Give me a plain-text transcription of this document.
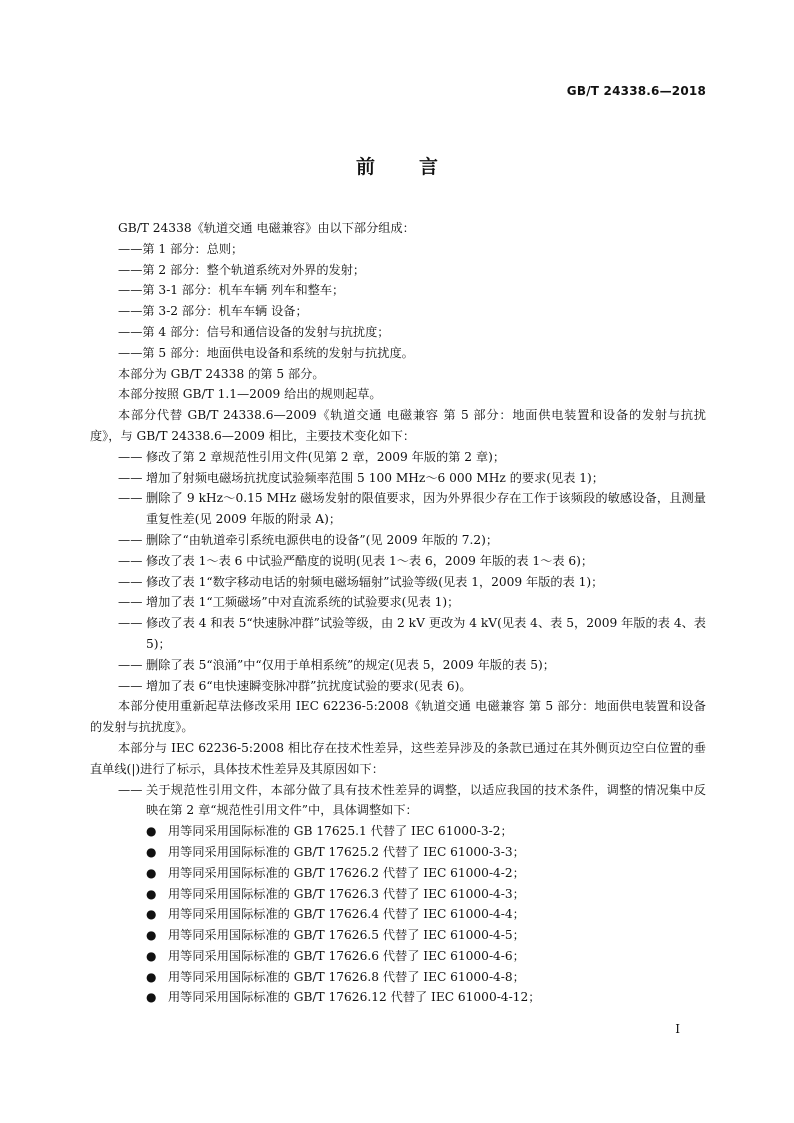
GB/T 24338.6—2018
前言
GB/T 24338《轨道交通 电磁兼容》由以下部分组成：
——第 1 部分：总则；
——第 2 部分：整个轨道系统对外界的发射；
——第 3-1 部分：机车车辆 列车和整车；
——第 3-2 部分：机车车辆 设备；
——第 4 部分：信号和通信设备的发射与抗扰度；
——第 5 部分：地面供电设备和系统的发射与抗扰度。
本部分为 GB/T 24338 的第 5 部分。
本部分按照 GB/T 1.1—2009 给出的规则起草。
本部分代替 GB/T 24338.6—2009《轨道交通 电磁兼容 第 5 部分：地面供电装置和设备的发射与抗扰度》，与 GB/T 24338.6—2009 相比，主要技术变化如下：
—— 修改了第 2 章规范性引用文件(见第 2 章，2009 年版的第 2 章)；
—— 增加了射频电磁场抗扰度试验频率范围 5 100 MHz～6 000 MHz 的要求(见表 1)；
—— 删除了 9 kHz～0.15 MHz 磁场发射的限值要求，因为外界很少存在工作于该频段的敏感设备，且测量重复性差(见 2009 年版的附录 A)；
—— 删除了“由轨道牵引系统电源供电的设备”(见 2009 年版的 7.2)；
—— 修改了表 1～表 6 中试验严酷度的说明(见表 1～表 6，2009 年版的表 1～表 6)；
—— 修改了表 1“数字移动电话的射频电磁场辐射”试验等级(见表 1，2009 年版的表 1)；
—— 增加了表 1“工频磁场”中对直流系统的试验要求(见表 1)；
—— 修改了表 4 和表 5“快速脉冲群”试验等级，由 2 kV 更改为 4 kV(见表 4、表 5，2009 年版的表 4、表 5)；
—— 删除了表 5“浪涌”中“仅用于单相系统”的规定(见表 5，2009 年版的表 5)；
—— 增加了表 6“电快速瞬变脉冲群”抗扰度试验的要求(见表 6)。
本部分使用重新起草法修改采用 IEC 62236-5:2008《轨道交通 电磁兼容 第 5 部分：地面供电装置和设备的发射与抗扰度》。
本部分与 IEC 62236-5:2008 相比存在技术性差异，这些差异涉及的条款已通过在其外侧页边空白位置的垂直单线(|)进行了标示，具体技术性差异及其原因如下：
—— 关于规范性引用文件，本部分做了具有技术性差异的调整，以适应我国的技术条件，调整的情况集中反映在第 2 章“规范性引用文件”中，具体调整如下：
● 用等同采用国际标准的 GB 17625.1 代替了 IEC 61000-3-2；
● 用等同采用国际标准的 GB/T 17625.2 代替了 IEC 61000-3-3；
● 用等同采用国际标准的 GB/T 17626.2 代替了 IEC 61000-4-2；
● 用等同采用国际标准的 GB/T 17626.3 代替了 IEC 61000-4-3；
● 用等同采用国际标准的 GB/T 17626.4 代替了 IEC 61000-4-4；
● 用等同采用国际标准的 GB/T 17626.5 代替了 IEC 61000-4-5；
● 用等同采用国际标准的 GB/T 17626.6 代替了 IEC 61000-4-6；
● 用等同采用国际标准的 GB/T 17626.8 代替了 IEC 61000-4-8；
● 用等同采用国际标准的 GB/T 17626.12 代替了 IEC 61000-4-12；
I
